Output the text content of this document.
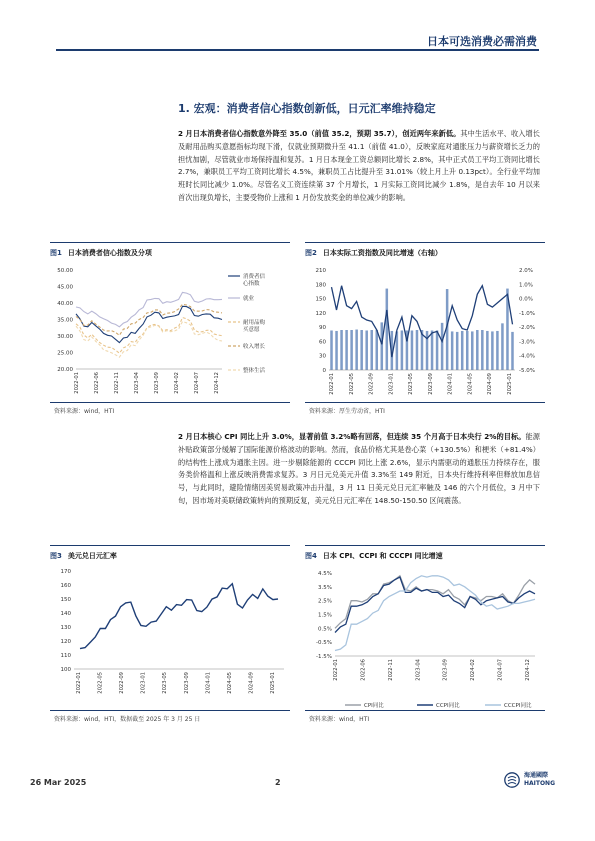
日本可选消费必需消费
1. 宏观：消费者信心指数创新低，日元汇率维持稳定
2 月日本消费者信心指数意外降至 35.0（前值 35.2，预期 35.7），创近两年来新低。其中生活水平、收入增长及耐用品购买意愿指标均现下滑，仅就业预期微升至 41.1（前值 41.0），反映家庭对通胀压力与薪资增长乏力的担忧加剧，尽管就业市场保持温和复苏。1 月日本现金工资总额同比增长 2.8%，其中正式员工平均工资同比增长 2.7%，兼职员工平均工资同比增长 4.5%，兼职员工占比提升至 31.01%（较上月上升 0.13pct）。全行业平均加班时长同比减少 1.0%。尽管名义工资连续第 37 个月增长，1 月实际工资同比减少 1.8%，是自去年 10 月以来首次出现负增长，主要受物价上涨和 1 月份发放奖金的单位减少的影响。
图1 日本消费者信心指数及分项
20.00
25.00
30.00
35.00
40.00
45.00
50.00
2022-01	2022-06	2022-11	2023-04	2023-09	2024-02	2024-07	2024-12
消费者信
心指数
就业
耐用品购
买意愿
收入增长
整体生活
资料来源：wind，HTI
图2 日本实际工资指数及同比增速（右轴）
0
30
60
90
120
150
180
210
-5.0%
-4.0%
-3.0%
-2.0%
-1.0%
0.0%
1.0%
2.0%
2022-01	2022-05	2022-09	2023-01	2023-05	2023-09	2024-01	2024-05	2024-09	2025-01
资料来源：厚生劳动省，HTI
2 月日本核心 CPI 同比上升 3.0%，显著前值 3.2%略有回落，但连续 35 个月高于日本央行 2%的目标。能源补贴政策部分缓解了国际能源价格波动的影响。然而，食品价格尤其是卷心菜（+130.5%）和梗米（+81.4%）的结构性上涨成为通胀主因。进一步剔除能源的 CCCPI 同比上涨 2.6%，显示内需驱动的通胀压力持续存在，服务类价格温和上涨反映消费需求复苏。3 月日元兑美元升值 3.3%至 149 附近，日本央行维持利率但释放加息信号，与此同时，避险情绪因美贸易政策冲击升温，3 月 11 日美元兑日元汇率触及 146 的六个月低位，3 月中下旬，因市场对美联储政策转向的预期反复，美元兑日元汇率在 148.50-150.50 区间震荡。
图3 美元兑日元汇率
100
110
120
130
140
150
160
170
2022-01	2022-05	2022-09	2023-01	2023-05	2023-09	2024-01	2024-05	2024-09	2025-01
资料来源：wind，HTI，数据截至 2025 年 3 月 25 日
图4 日本 CPI、CCPI 和 CCCPI 同比增速
-1.5%
-0.5%
0.5%
1.5%
2.5%
3.5%
4.5%
2022-01	2022-06	2022-11	2023-04	2023-09	2024-02	2024-07	2024-12
CPI同比	CCPI同比	CCCPI同比
资料来源：wind，HTI
26 Mar 2025	2
海通國際
HAITONG
